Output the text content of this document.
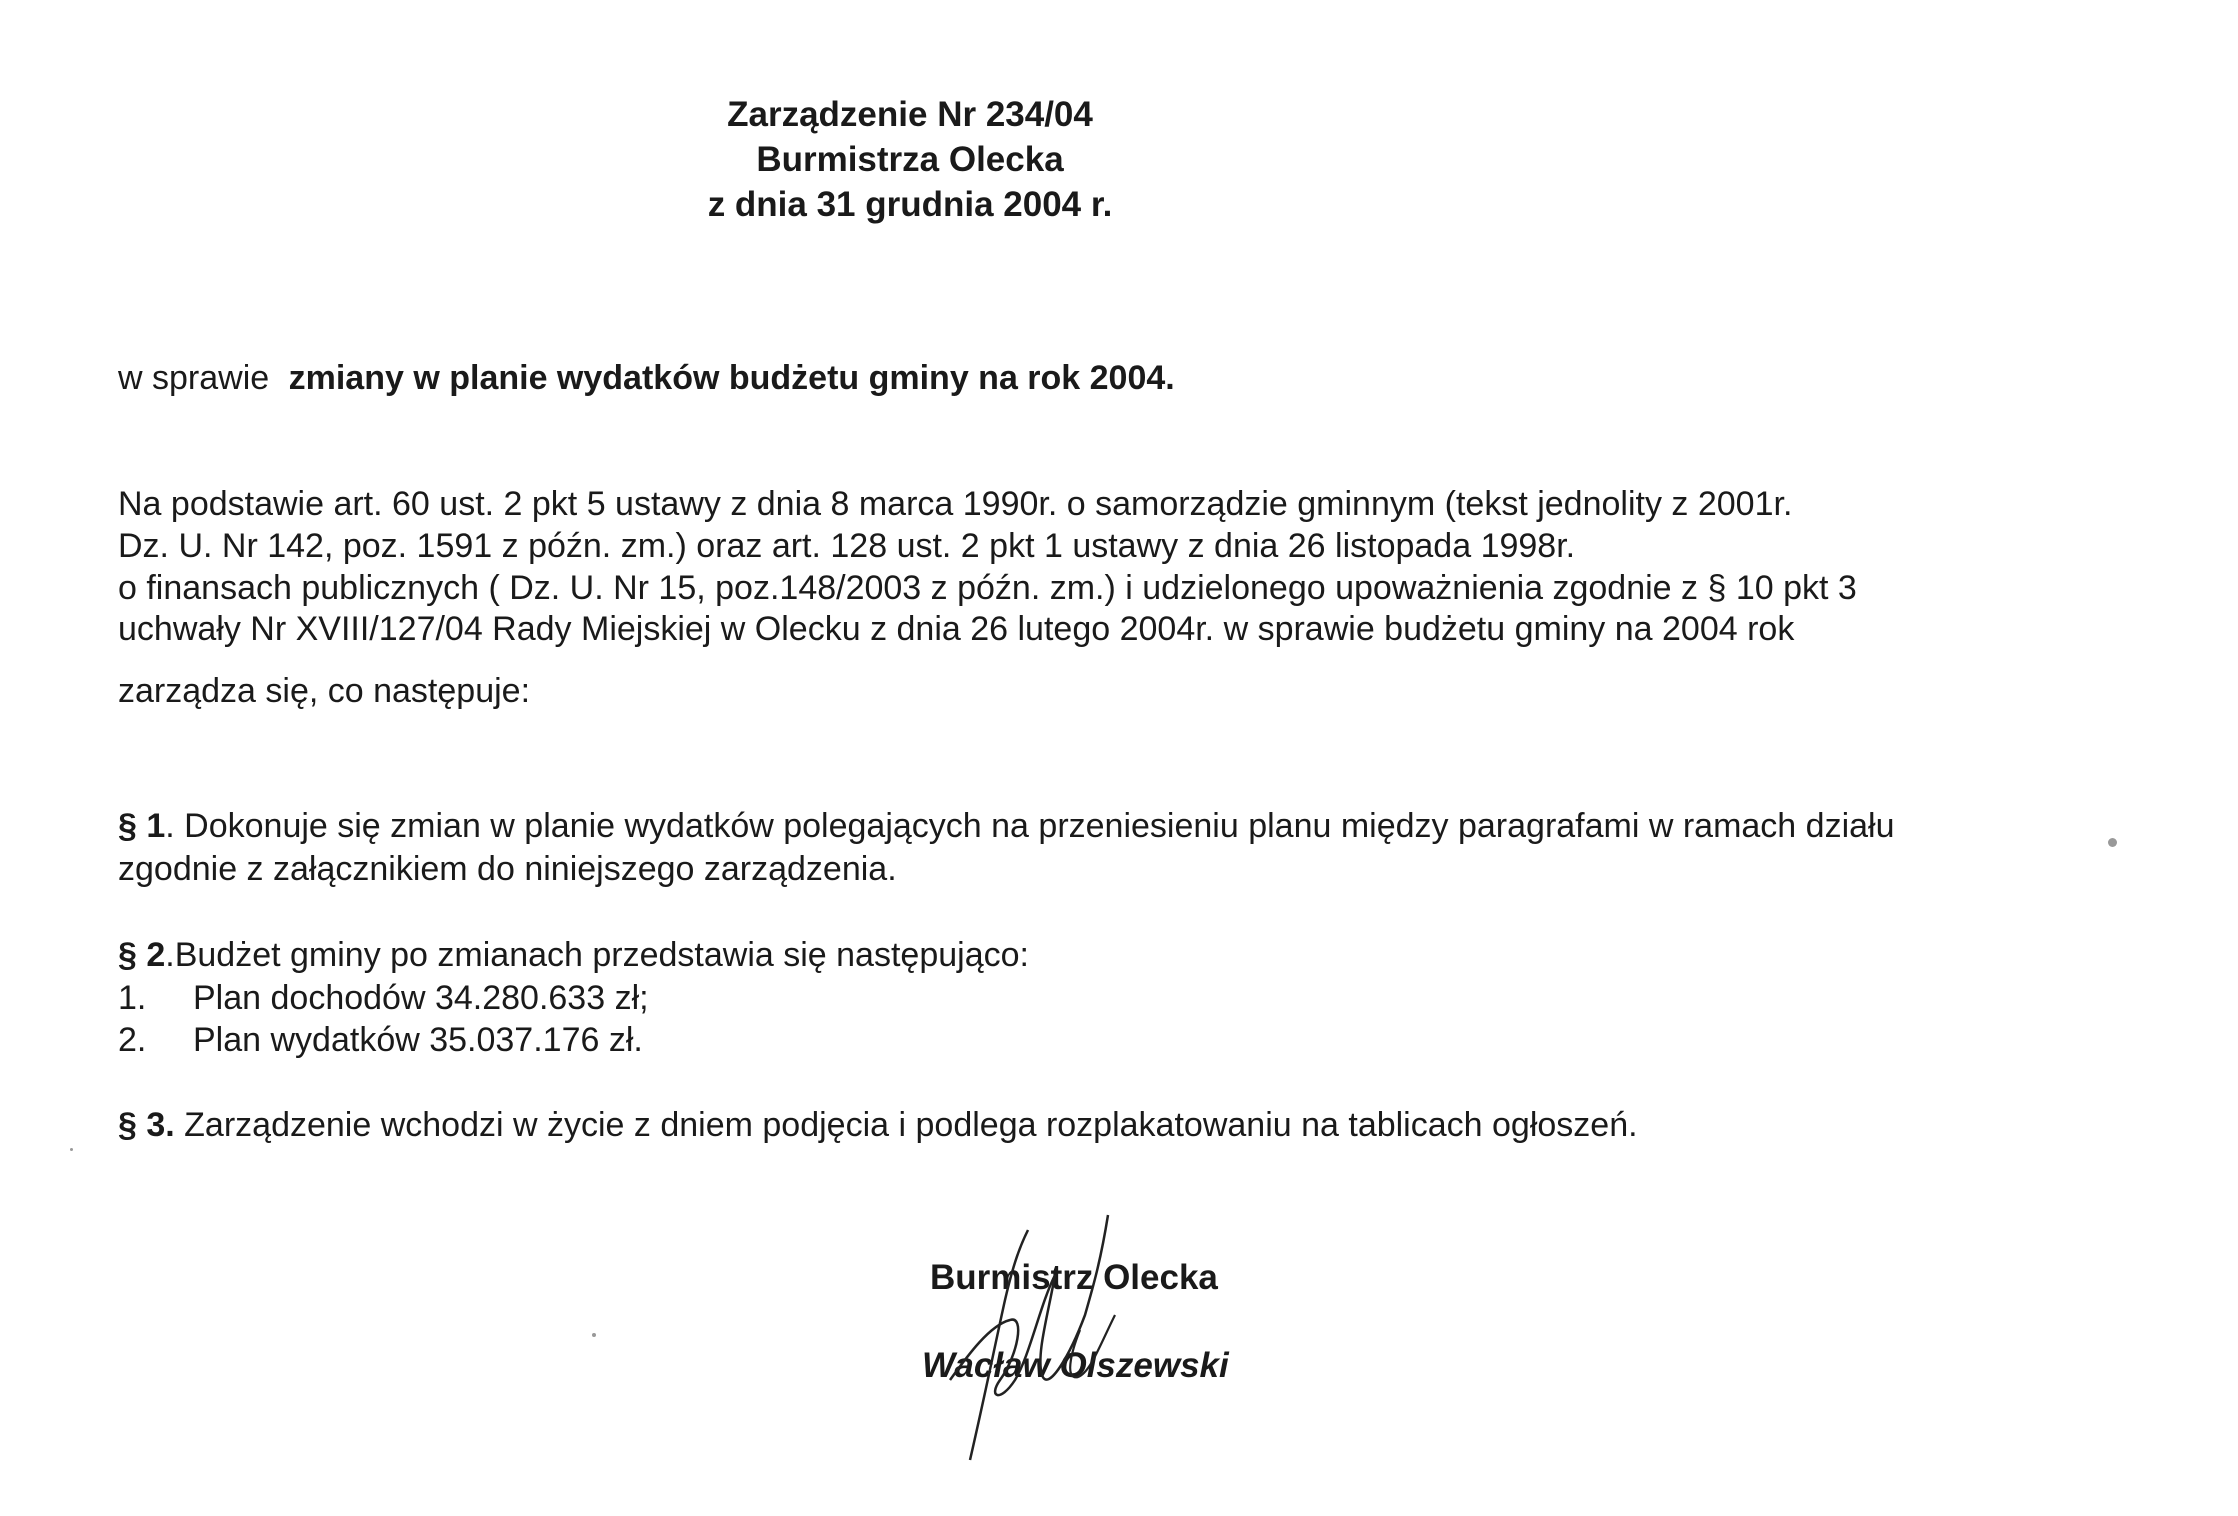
Zarządzenie Nr 234/04
Burmistrza Olecka
z dnia 31 grudnia 2004 r.
w sprawie zmiany w planie wydatków budżetu gminy na rok 2004.
Na podstawie art. 60 ust. 2 pkt 5 ustawy z dnia 8 marca 1990r. o samorządzie gminnym (tekst jednolity z 2001r.
Dz. U. Nr 142, poz. 1591 z późn. zm.) oraz art. 128 ust. 2 pkt 1 ustawy z dnia 26 listopada 1998r.
o finansach publicznych ( Dz. U. Nr 15, poz.148/2003 z późn. zm.) i udzielonego upoważnienia zgodnie z § 10 pkt 3
uchwały Nr XVIII/127/04 Rady Miejskiej w Olecku z dnia 26 lutego 2004r. w sprawie budżetu gminy na 2004 rok
zarządza się, co następuje:
§ 1. Dokonuje się zmian w planie wydatków polegających na przeniesieniu planu między paragrafami w ramach działu
zgodnie z załącznikiem do niniejszego zarządzenia.
§ 2.Budżet gminy po zmianach przedstawia się następująco:
1. Plan dochodów 34.280.633 zł;
2. Plan wydatków 35.037.176 zł.
§ 3. Zarządzenie wchodzi w życie z dniem podjęcia i podlega rozplakatowaniu na tablicach ogłoszeń.
Burmistrz Olecka
Wacław Olszewski
